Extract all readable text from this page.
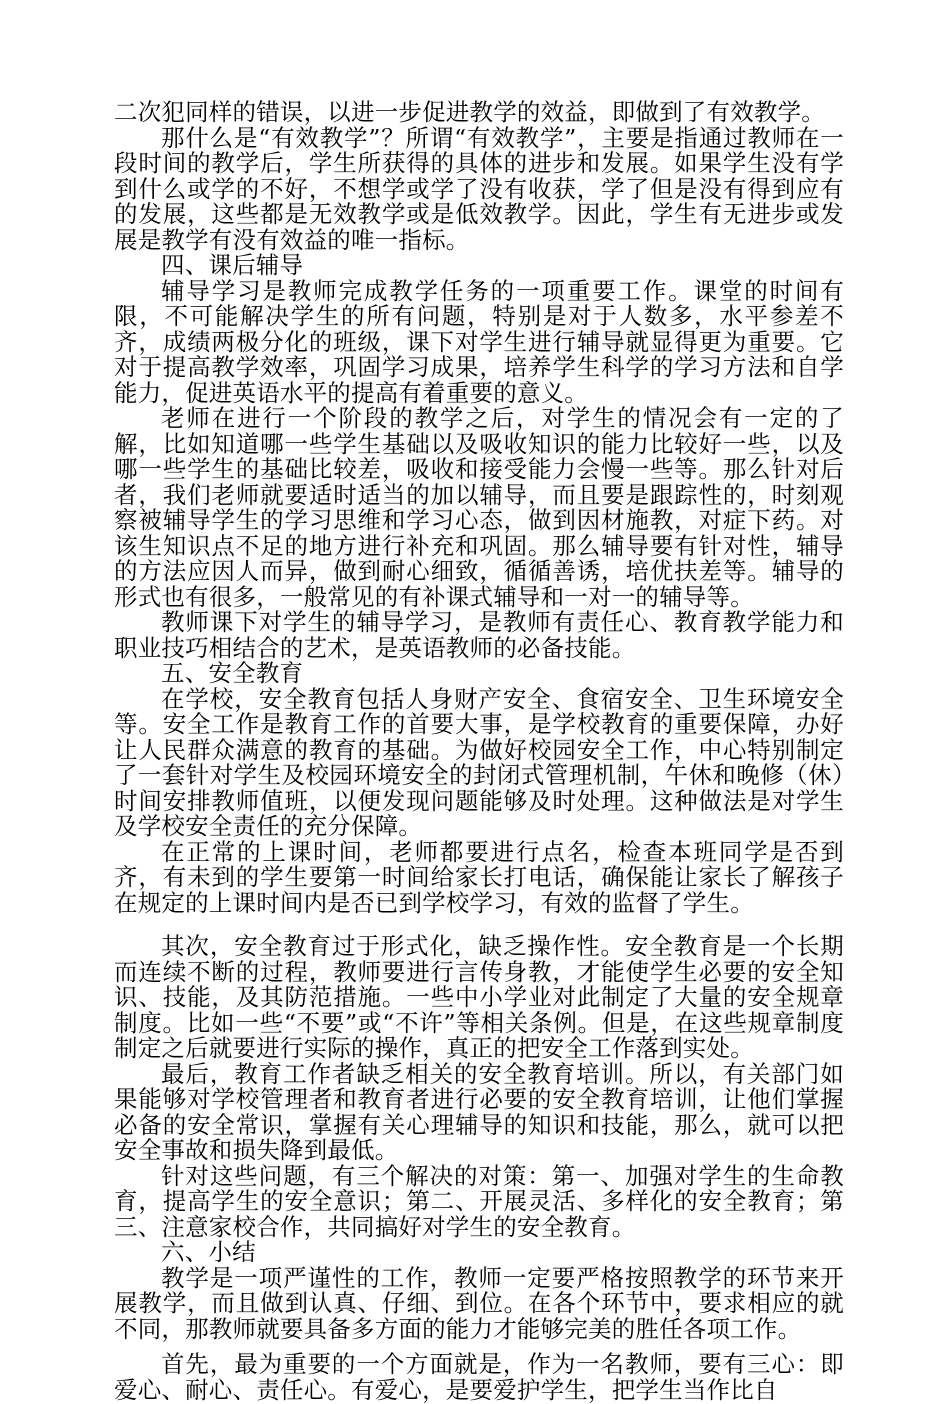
二次犯同样的错误，以进一步促进教学的效益，即做到了有效教学。

那什么是“有效教学”？所谓“有效教学”，主要是指通过教师在一段时间的教学后，学生所获得的具体的进步和发展。如果学生没有学到什么或学的不好，不想学或学了没有收获，学了但是没有得到应有的发展，这些都是无效教学或是低效教学。因此，学生有无进步或发展是教学有没有效益的唯一指标。

四、课后辅导

辅导学习是教师完成教学任务的一项重要工作。课堂的时间有限，不可能解决学生的所有问题，特别是对于人数多，水平参差不齐，成绩两极分化的班级，课下对学生进行辅导就显得更为重要。它对于提高教学效率，巩固学习成果，培养学生科学的学习方法和自学能力，促进英语水平的提高有着重要的意义。

老师在进行一个阶段的教学之后，对学生的情况会有一定的了解，比如知道哪一些学生基础以及吸收知识的能力比较好一些，以及哪一些学生的基础比较差，吸收和接受能力会慢一些等。那么针对后者，我们老师就要适时适当的加以辅导，而且要是跟踪性的，时刻观察被辅导学生的学习思维和学习心态，做到因材施教，对症下药。对该生知识点不足的地方进行补充和巩固。那么辅导要有针对性，辅导的方法应因人而异，做到耐心细致，循循善诱，培优扶差等。辅导的形式也有很多，一般常见的有补课式辅导和一对一的辅导等。

教师课下对学生的辅导学习，是教师有责任心、教育教学能力和职业技巧相结合的艺术，是英语教师的必备技能。

五、安全教育

在学校，安全教育包括人身财产安全、食宿安全、卫生环境安全等。安全工作是教育工作的首要大事，是学校教育的重要保障，办好让人民群众满意的教育的基础。为做好校园安全工作，中心特别制定了一套针对学生及校园环境安全的封闭式管理机制，午休和晚修（休）时间安排教师值班，以便发现问题能够及时处理。这种做法是对学生及学校安全责任的充分保障。

在正常的上课时间，老师都要进行点名，检查本班同学是否到齐，有未到的学生要第一时间给家长打电话，确保能让家长了解孩子在规定的上课时间内是否已到学校学习，有效的监督了学生。

其次，安全教育过于形式化，缺乏操作性。安全教育是一个长期而连续不断的过程，教师要进行言传身教，才能使学生必要的安全知识、技能，及其防范措施。一些中小学业对此制定了大量的安全规章制度。比如一些“不要”或“不许”等相关条例。但是，在这些规章制度制定之后就要进行实际的操作，真正的把安全工作落到实处。

最后，教育工作者缺乏相关的安全教育培训。所以，有关部门如果能够对学校管理者和教育者进行必要的安全教育培训，让他们掌握必备的安全常识，掌握有关心理辅导的知识和技能，那么，就可以把安全事故和损失降到最低。

针对这些问题，有三个解决的对策：第一、加强对学生的生命教育，提高学生的安全意识；第二、开展灵活、多样化的安全教育；第三、注意家校合作，共同搞好对学生的安全教育。

六、小结

教学是一项严谨性的工作，教师一定要严格按照教学的环节来开展教学，而且做到认真、仔细、到位。在各个环节中，要求相应的就不同，那教师就要具备多方面的能力才能够完美的胜任各项工作。

首先，最为重要的一个方面就是，作为一名教师，要有三心：即爱心、耐心、责任心。有爱心，是要爱护学生，把学生当作比自
